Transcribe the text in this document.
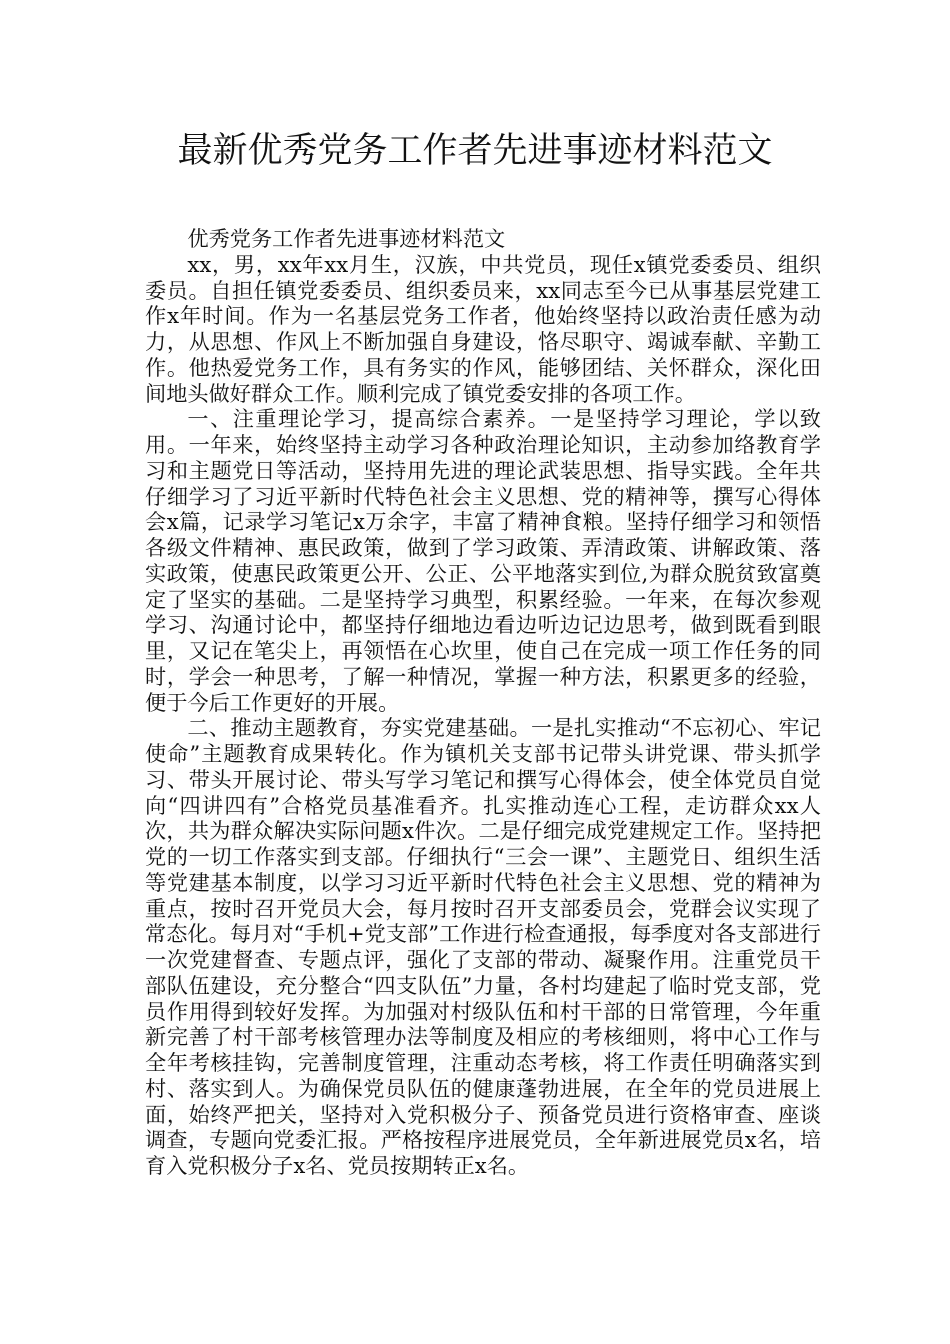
最新优秀党务工作者先进事迹材料范文

优秀党务工作者先进事迹材料范文

xx，男，xx年xx月生，汉族，中共党员，现任x镇党委委员、组织委员。自担任镇党委委员、组织委员来，xx同志至今已从事基层党建工作x年时间。作为一名基层党务工作者，他始终坚持以政治责任感为动力，从思想、作风上不断加强自身建设，恪尽职守、竭诚奉献、辛勤工作。他热爱党务工作，具有务实的作风，能够团结、关怀群众，深化田间地头做好群众工作。顺利完成了镇党委安排的各项工作。

一、注重理论学习，提高综合素养。一是坚持学习理论，学以致用。一年来，始终坚持主动学习各种政治理论知识，主动参加络教育学习和主题党日等活动，坚持用先进的理论武装思想、指导实践。全年共仔细学习了习近平新时代特色社会主义思想、党的精神等，撰写心得体会x篇，记录学习笔记x万余字，丰富了精神食粮。坚持仔细学习和领悟各级文件精神、惠民政策，做到了学习政策、弄清政策、讲解政策、落实政策，使惠民政策更公开、公正、公平地落实到位,为群众脱贫致富奠定了坚实的基础。二是坚持学习典型，积累经验。一年来，在每次参观学习、沟通讨论中，都坚持仔细地边看边听边记边思考，做到既看到眼里，又记在笔尖上，再领悟在心坎里，使自己在完成一项工作任务的同时，学会一种思考，了解一种情况，掌握一种方法，积累更多的经验，便于今后工作更好的开展。

二、推动主题教育，夯实党建基础。一是扎实推动“不忘初心、牢记使命”主题教育成果转化。作为镇机关支部书记带头讲党课、带头抓学习、带头开展讨论、带头写学习笔记和撰写心得体会，使全体党员自觉向“四讲四有”合格党员基准看齐。扎实推动连心工程，走访群众xx人次，共为群众解决实际问题x件次。二是仔细完成党建规定工作。坚持把党的一切工作落实到支部。仔细执行“三会一课”、主题党日、组织生活等党建基本制度，以学习习近平新时代特色社会主义思想、党的精神为重点，按时召开党员大会，每月按时召开支部委员会，党群会议实现了常态化。每月对“手机+党支部”工作进行检查通报，每季度对各支部进行一次党建督查、专题点评，强化了支部的带动、凝聚作用。注重党员干部队伍建设，充分整合“四支队伍”力量，各村均建起了临时党支部，党员作用得到较好发挥。为加强对村级队伍和村干部的日常管理，今年重新完善了村干部考核管理办法等制度及相应的考核细则，将中心工作与全年考核挂钩，完善制度管理，注重动态考核，将工作责任明确落实到村、落实到人。为确保党员队伍的健康蓬勃进展，在全年的党员进展上面，始终严把关，坚持对入党积极分子、预备党员进行资格审查、座谈调查，专题向党委汇报。严格按程序进展党员，全年新进展党员x名，培育入党积极分子x名、党员按期转正x名。
